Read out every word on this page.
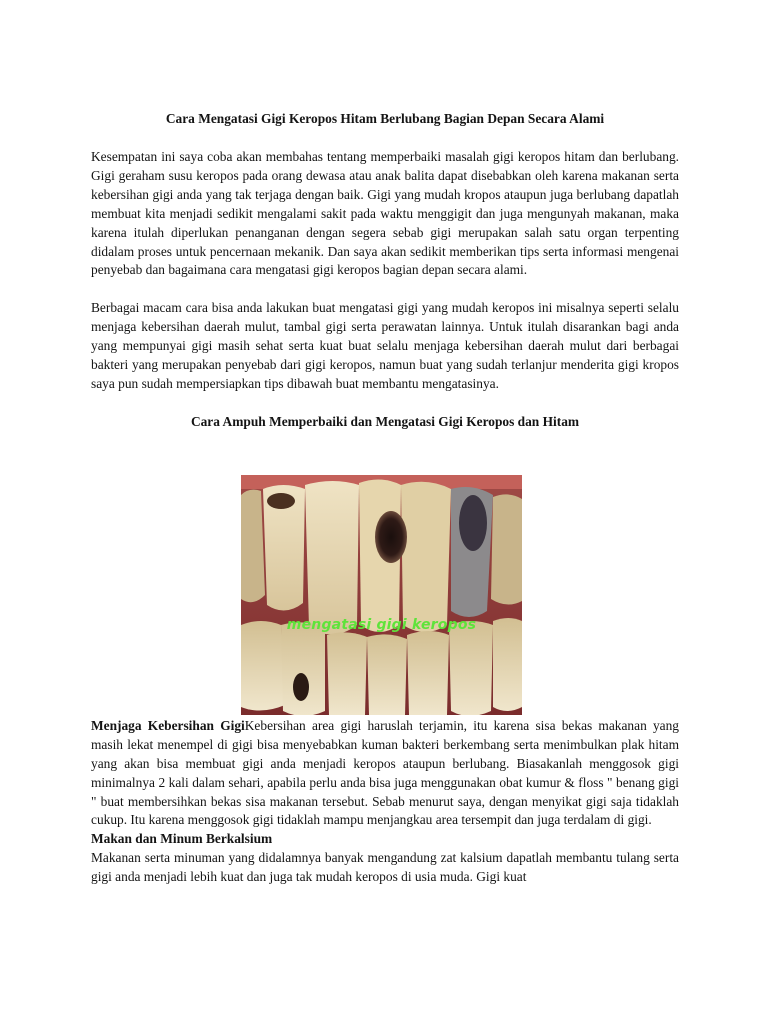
Cara Mengatasi Gigi Keropos Hitam Berlubang Bagian Depan Secara Alami

Kesempatan ini saya coba akan membahas tentang memperbaiki masalah gigi keropos hitam dan berlubang. Gigi geraham susu keropos pada orang dewasa atau anak balita dapat disebabkan oleh karena makanan serta kebersihan gigi anda yang tak terjaga dengan baik. Gigi yang mudah kropos ataupun juga berlubang dapatlah membuat kita menjadi sedikit mengalami sakit pada waktu menggigit dan juga mengunyah makanan, maka karena itulah diperlukan penanganan dengan segera sebab gigi merupakan salah satu organ terpenting didalam proses untuk pencernaan mekanik. Dan saya akan sedikit memberikan tips serta informasi mengenai penyebab dan bagaimana cara mengatasi gigi keropos bagian depan secara alami.

Berbagai macam cara bisa anda lakukan buat mengatasi gigi yang mudah keropos ini misalnya seperti selalu menjaga kebersihan daerah mulut, tambal gigi serta perawatan lainnya. Untuk itulah disarankan bagi anda yang mempunyai gigi masih sehat serta kuat buat selalu menjaga kebersihan daerah mulut dari berbagai bakteri yang merupakan penyebab dari gigi keropos, namun buat yang sudah terlanjur menderita gigi kropos saya pun sudah mempersiapkan tips dibawah buat membantu mengatasinya.

Cara Ampuh Memperbaiki dan Mengatasi Gigi Keropos dan Hitam
mengatasi gigi keropos

Menjaga Kebersihan GigiKebersihan area gigi haruslah terjamin, itu karena sisa bekas makanan yang masih lekat menempel di gigi bisa menyebabkan kuman bakteri berkembang serta menimbulkan plak hitam yang akan bisa membuat gigi anda menjadi keropos ataupun berlubang. Biasakanlah menggosok gigi minimalnya 2 kali dalam sehari, apabila perlu anda bisa juga menggunakan obat kumur & floss " benang gigi " buat membersihkan bekas sisa makanan tersebut. Sebab menurut saya, dengan menyikat gigi saja tidaklah cukup. Itu karena menggosok gigi tidaklah mampu menjangkau area tersempit dan juga terdalam di gigi.

Makan dan Minum Berkalsium

Makanan serta minuman yang didalamnya banyak mengandung zat kalsium dapatlah membantu tulang serta gigi anda menjadi lebih kuat dan juga tak mudah keropos di usia muda. Gigi kuat
